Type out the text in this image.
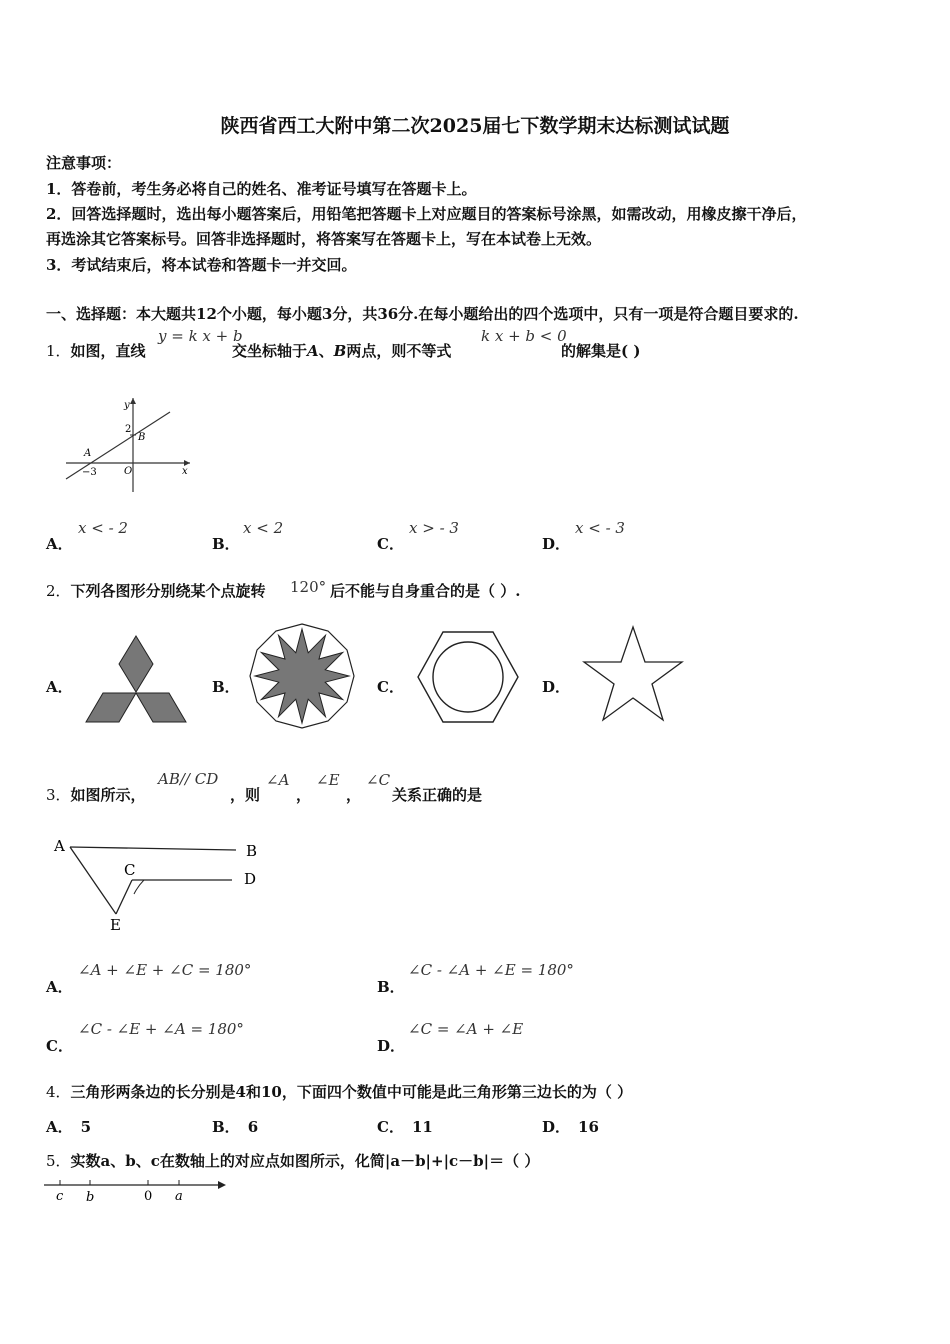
陕西省西工大附中第二次2025届七下数学期末达标测试试题
注意事项：
1．答卷前，考生务必将自己的姓名、准考证号填写在答题卡上。
2．回答选择题时，选出每小题答案后，用铅笔把答题卡上对应题目的答案标号涂黑，如需改动，用橡皮擦干净后，
再选涂其它答案标号。回答非选择题时，将答案写在答题卡上，写在本试卷上无效。
3．考试结束后，将本试卷和答题卡一并交回。
一、选择题：本大题共12个小题，每小题3分，共36分.在每小题给出的四个选项中，只有一项是符合题目要求的.
1．如图，直线
y = k x + b
交坐标轴于A、B两点，则不等式
k x + b < 0
的解集是( )
y
x
2
B
A
−3	O
A．
x < - 2
B．
x < 2
C．
x > - 3
D．
x < - 3
2．下列各图形分别绕某个点旋转 120° 后不能与自身重合的是（ ）.
A．	B．	C．	D．
3．如图所示，
AB// CD
，则
∠A
，
∠E
，
∠C
关系正确的是
A	B
C	D
E
A．
∠A + ∠E + ∠C = 180°
B．
∠C - ∠A + ∠E = 180°
C．
∠C - ∠E + ∠A = 180°
D．
∠C = ∠A + ∠E
4．三角形两条边的长分别是4和10，下面四个数值中可能是此三角形第三边长的为（ ）
A． 5	B． 6	C． 11	D． 16
5．实数a、b、c在数轴上的对应点如图所示，化简|a－b|+|c－b|＝（ ）
c b	0 a
